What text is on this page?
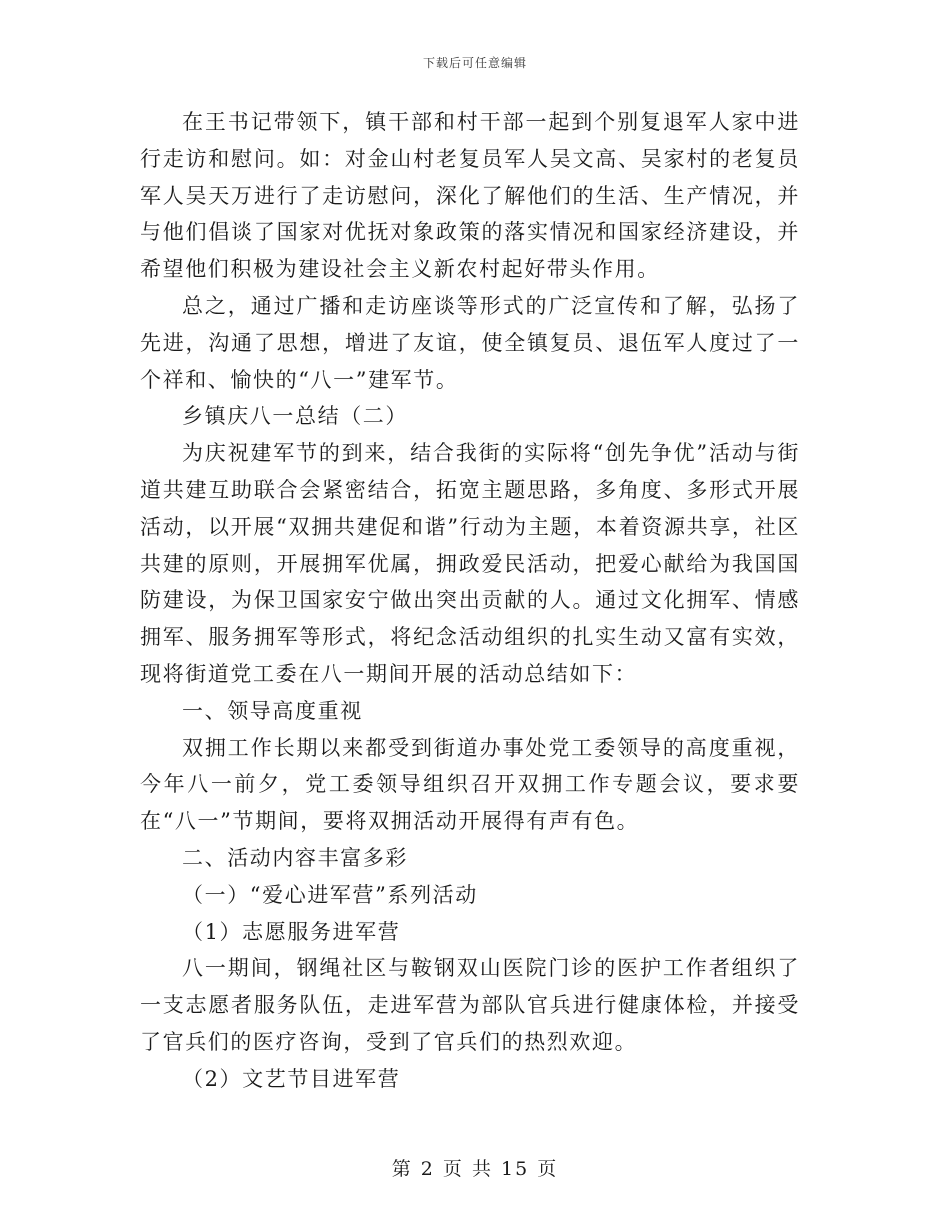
下载后可任意编辑

在王书记带领下，镇干部和村干部一起到个别复退军人家中进行走访和慰问。如：对金山村老复员军人吴文高、吴家村的老复员军人吴天万进行了走访慰问，深化了解他们的生活、生产情况，并与他们倡谈了国家对优抚对象政策的落实情况和国家经济建设，并希望他们积极为建设社会主义新农村起好带头作用。

总之，通过广播和走访座谈等形式的广泛宣传和了解，弘扬了先进，沟通了思想，增进了友谊，使全镇复员、退伍军人度过了一个祥和、愉快的“八一”建军节。

乡镇庆八一总结（二）

为庆祝建军节的到来，结合我街的实际将“创先争优”活动与街道共建互助联合会紧密结合，拓宽主题思路，多角度、多形式开展活动，以开展“双拥共建促和谐”行动为主题，本着资源共享，社区共建的原则，开展拥军优属，拥政爱民活动，把爱心献给为我国国防建设，为保卫国家安宁做出突出贡献的人。通过文化拥军、情感拥军、服务拥军等形式，将纪念活动组织的扎实生动又富有实效，现将街道党工委在八一期间开展的活动总结如下：

一、领导高度重视

双拥工作长期以来都受到街道办事处党工委领导的高度重视，今年八一前夕，党工委领导组织召开双拥工作专题会议，要求要在“八一”节期间，要将双拥活动开展得有声有色。

二、活动内容丰富多彩

（一）“爱心进军营”系列活动

（1）志愿服务进军营

八一期间，钢绳社区与鞍钢双山医院门诊的医护工作者组织了一支志愿者服务队伍，走进军营为部队官兵进行健康体检，并接受了官兵们的医疗咨询，受到了官兵们的热烈欢迎。

（2）文艺节目进军营

第 2 页 共 15 页
